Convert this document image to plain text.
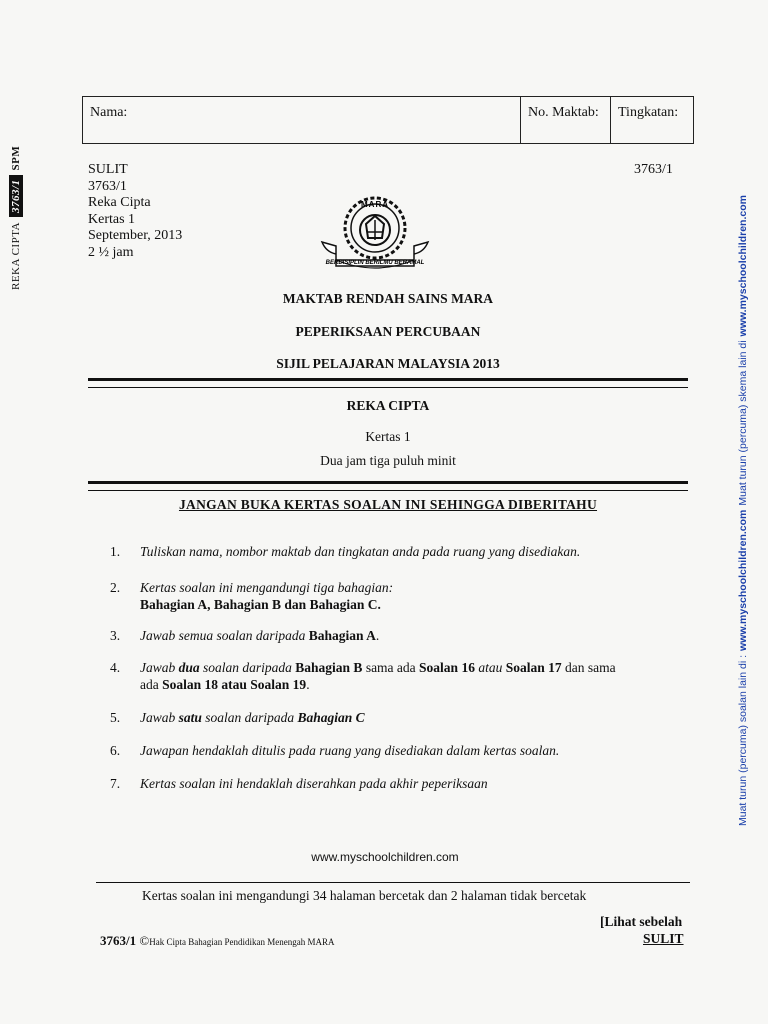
REKA CIPTA
3763/1
SPM
Muat turun (percuma) soalan lain di :
www.myschoolchildren.com
Muat turun (percuma) skema lain di
www.myschoolchildren.com
Nama:	No. Maktab:	Tingkatan:
SULIT
3763/1
Reka Cipta
Kertas 1
September, 2013
2 ½ jam
3763/1
MARA
BERDISIPLIN BERILMU BERAMAL
MAKTAB RENDAH SAINS MARA
PEPERIKSAAN PERCUBAAN
SIJIL PELAJARAN MALAYSIA 2013
REKA CIPTA
Kertas 1
Dua jam tiga puluh minit
JANGAN BUKA KERTAS SOALAN INI SEHINGGA DIBERITAHU
1.	Tuliskan nama, nombor maktab dan tingkatan anda pada ruang yang disediakan.
2.	Kertas soalan ini mengandungi tiga bahagian:
Bahagian A, Bahagian B dan Bahagian C.
3.	Jawab semua soalan daripada Bahagian A.
4.	Jawab dua soalan daripada Bahagian B sama ada Soalan 16 atau Soalan 17 dan sama
ada Soalan 18 atau Soalan 19.
5.	Jawab satu soalan daripada Bahagian C
6.	Jawapan hendaklah ditulis pada ruang yang disediakan dalam kertas soalan.
7.	Kertas soalan ini hendaklah diserahkan pada akhir peperiksaan
www.myschoolchildren.com
Kertas soalan ini mengandungi 34 halaman bercetak dan 2 halaman tidak bercetak
[Lihat sebelah
SULIT
3763/1 ©Hak Cipta Bahagian Pendidikan Menengah MARA
